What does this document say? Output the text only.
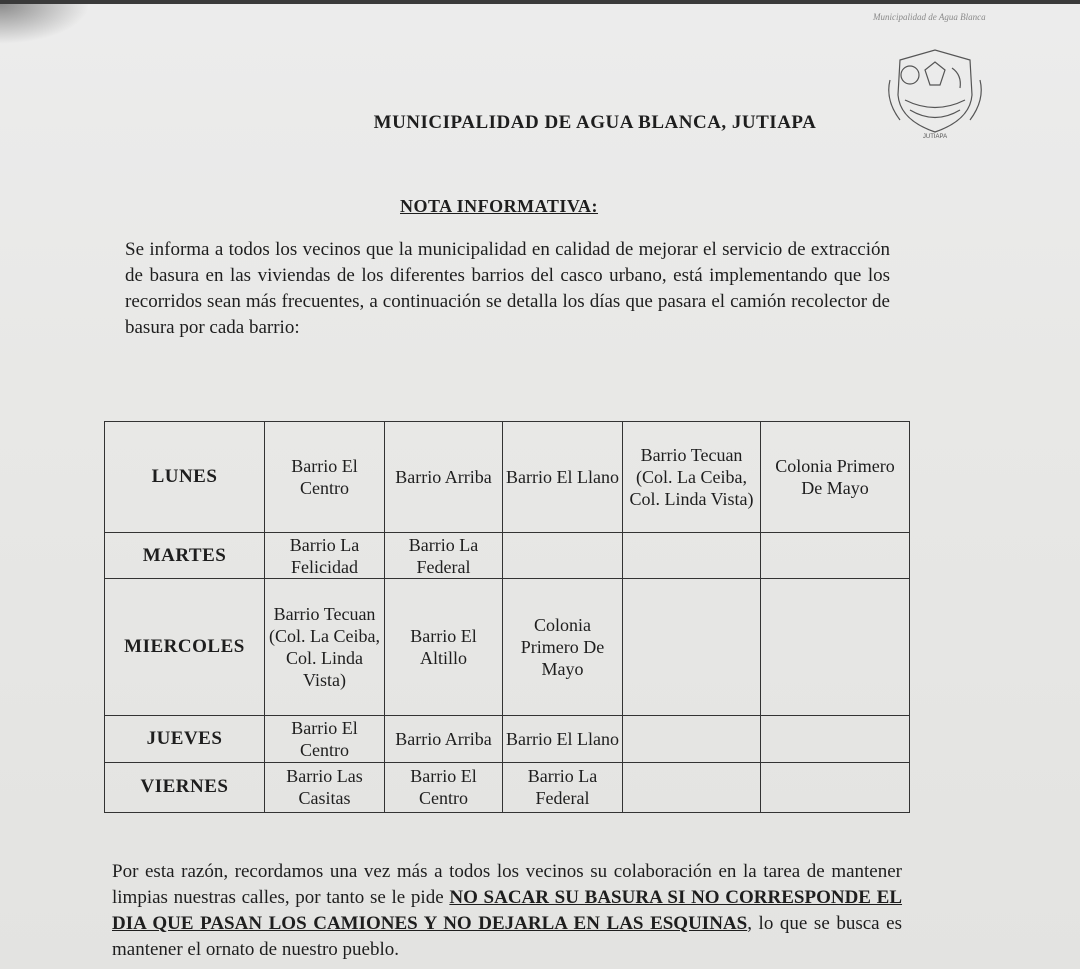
Municipalidad de Agua Blanca
JUTIAPA
MUNICIPALIDAD DE AGUA BLANCA, JUTIAPA
NOTA INFORMATIVA:

Se informa a todos los vecinos que la municipalidad en calidad de mejorar el servicio de extracción de basura en las viviendas de los diferentes barrios del casco urbano, está implementando que los recorridos sean más frecuentes, a continuación se detalla los días que pasara el camión recolector de basura por cada barrio:

LUNES	Barrio El Centro	Barrio Arriba	Barrio El Llano	Barrio Tecuan (Col. La Ceiba, Col. Linda Vista)	Colonia Primero De Mayo
MARTES	Barrio La Felicidad	Barrio La Federal			
MIERCOLES	Barrio Tecuan (Col. La Ceiba, Col. Linda Vista)	Barrio El Altillo	Colonia Primero De Mayo		
JUEVES	Barrio El Centro	Barrio Arriba	Barrio El Llano		
VIERNES	Barrio Las Casitas	Barrio El Centro	Barrio La Federal		

Por esta razón, recordamos una vez más a todos los vecinos su colaboración en la tarea de mantener limpias nuestras calles, por tanto se le pide NO SACAR SU BASURA SI NO CORRESPONDE EL DIA QUE PASAN LOS CAMIONES Y NO DEJARLA EN LAS ESQUINAS, lo que se busca es mantener el ornato de nuestro pueblo.
